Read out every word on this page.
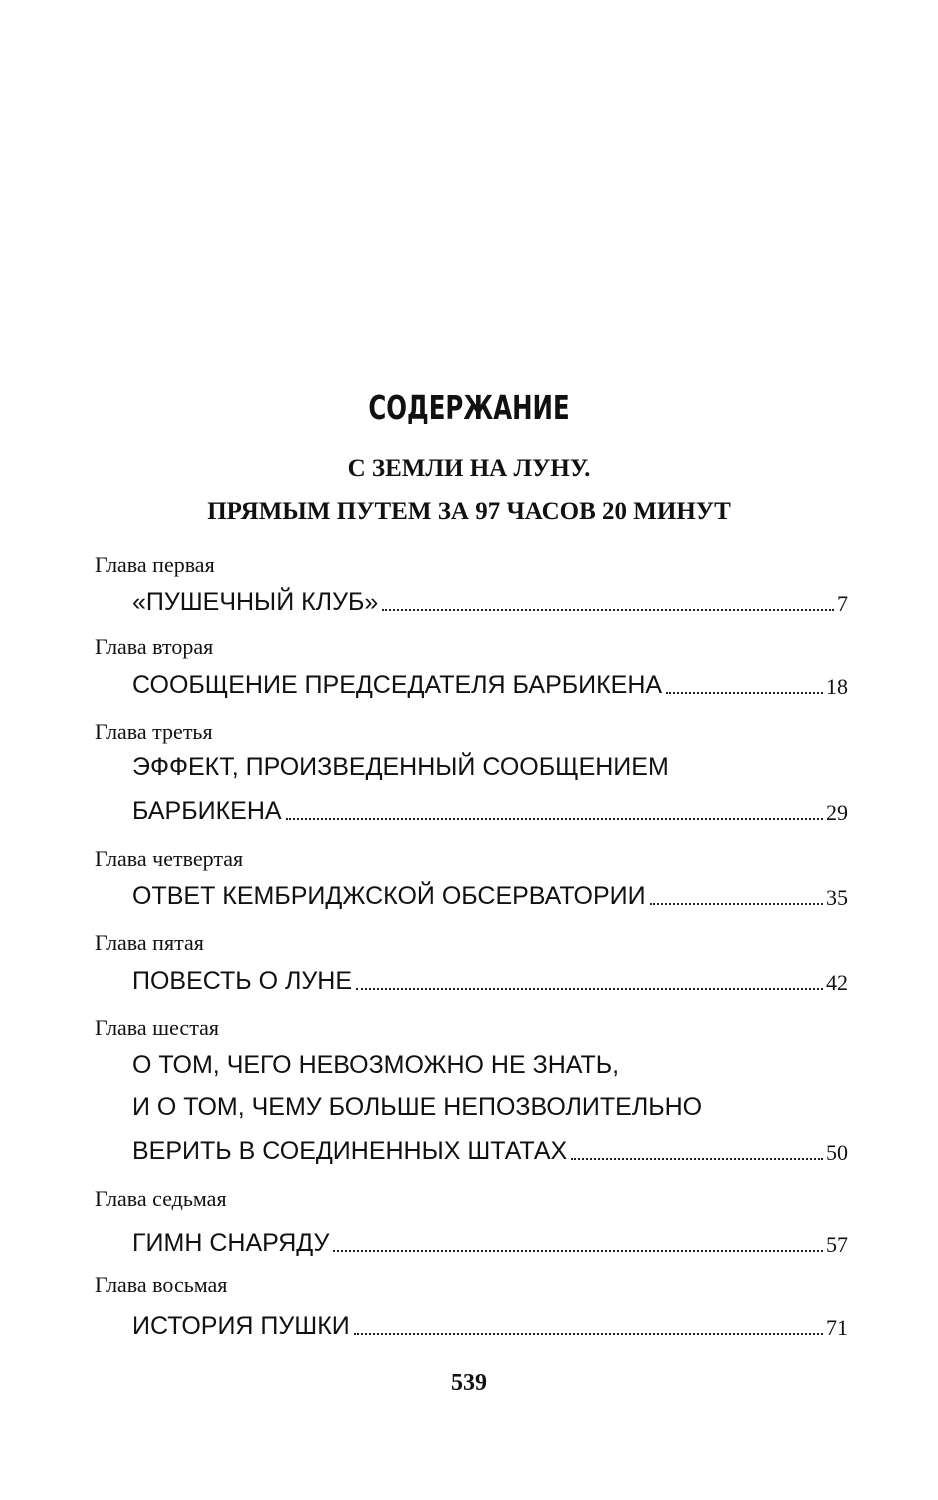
СОДЕРЖАНИЕ
С ЗЕМЛИ НА ЛУНУ.
ПРЯМЫМ ПУТЕМ ЗА 97 ЧАСОВ 20 МИНУТ
Глава первая
«ПУШЕЧНЫЙ КЛУБ»	7
Глава вторая
СООБЩЕНИЕ ПРЕДСЕДАТЕЛЯ БАРБИКЕНА	18
Глава третья
ЭФФЕКТ, ПРОИЗВЕДЕННЫЙ СООБЩЕНИЕМ
БАРБИКЕНА	29
Глава четвертая
ОТВЕТ КЕМБРИДЖСКОЙ ОБСЕРВАТОРИИ	35
Глава пятая
ПОВЕСТЬ О ЛУНЕ	42
Глава шестая
О ТОМ, ЧЕГО НЕВОЗМОЖНО НЕ ЗНАТЬ,
И О ТОМ, ЧЕМУ БОЛЬШЕ НЕПОЗВОЛИТЕЛЬНО
ВЕРИТЬ В СОЕДИНЕННЫХ ШТАТАХ	50
Глава седьмая
ГИМН СНАРЯДУ	57
Глава восьмая
ИСТОРИЯ ПУШКИ	71
539
